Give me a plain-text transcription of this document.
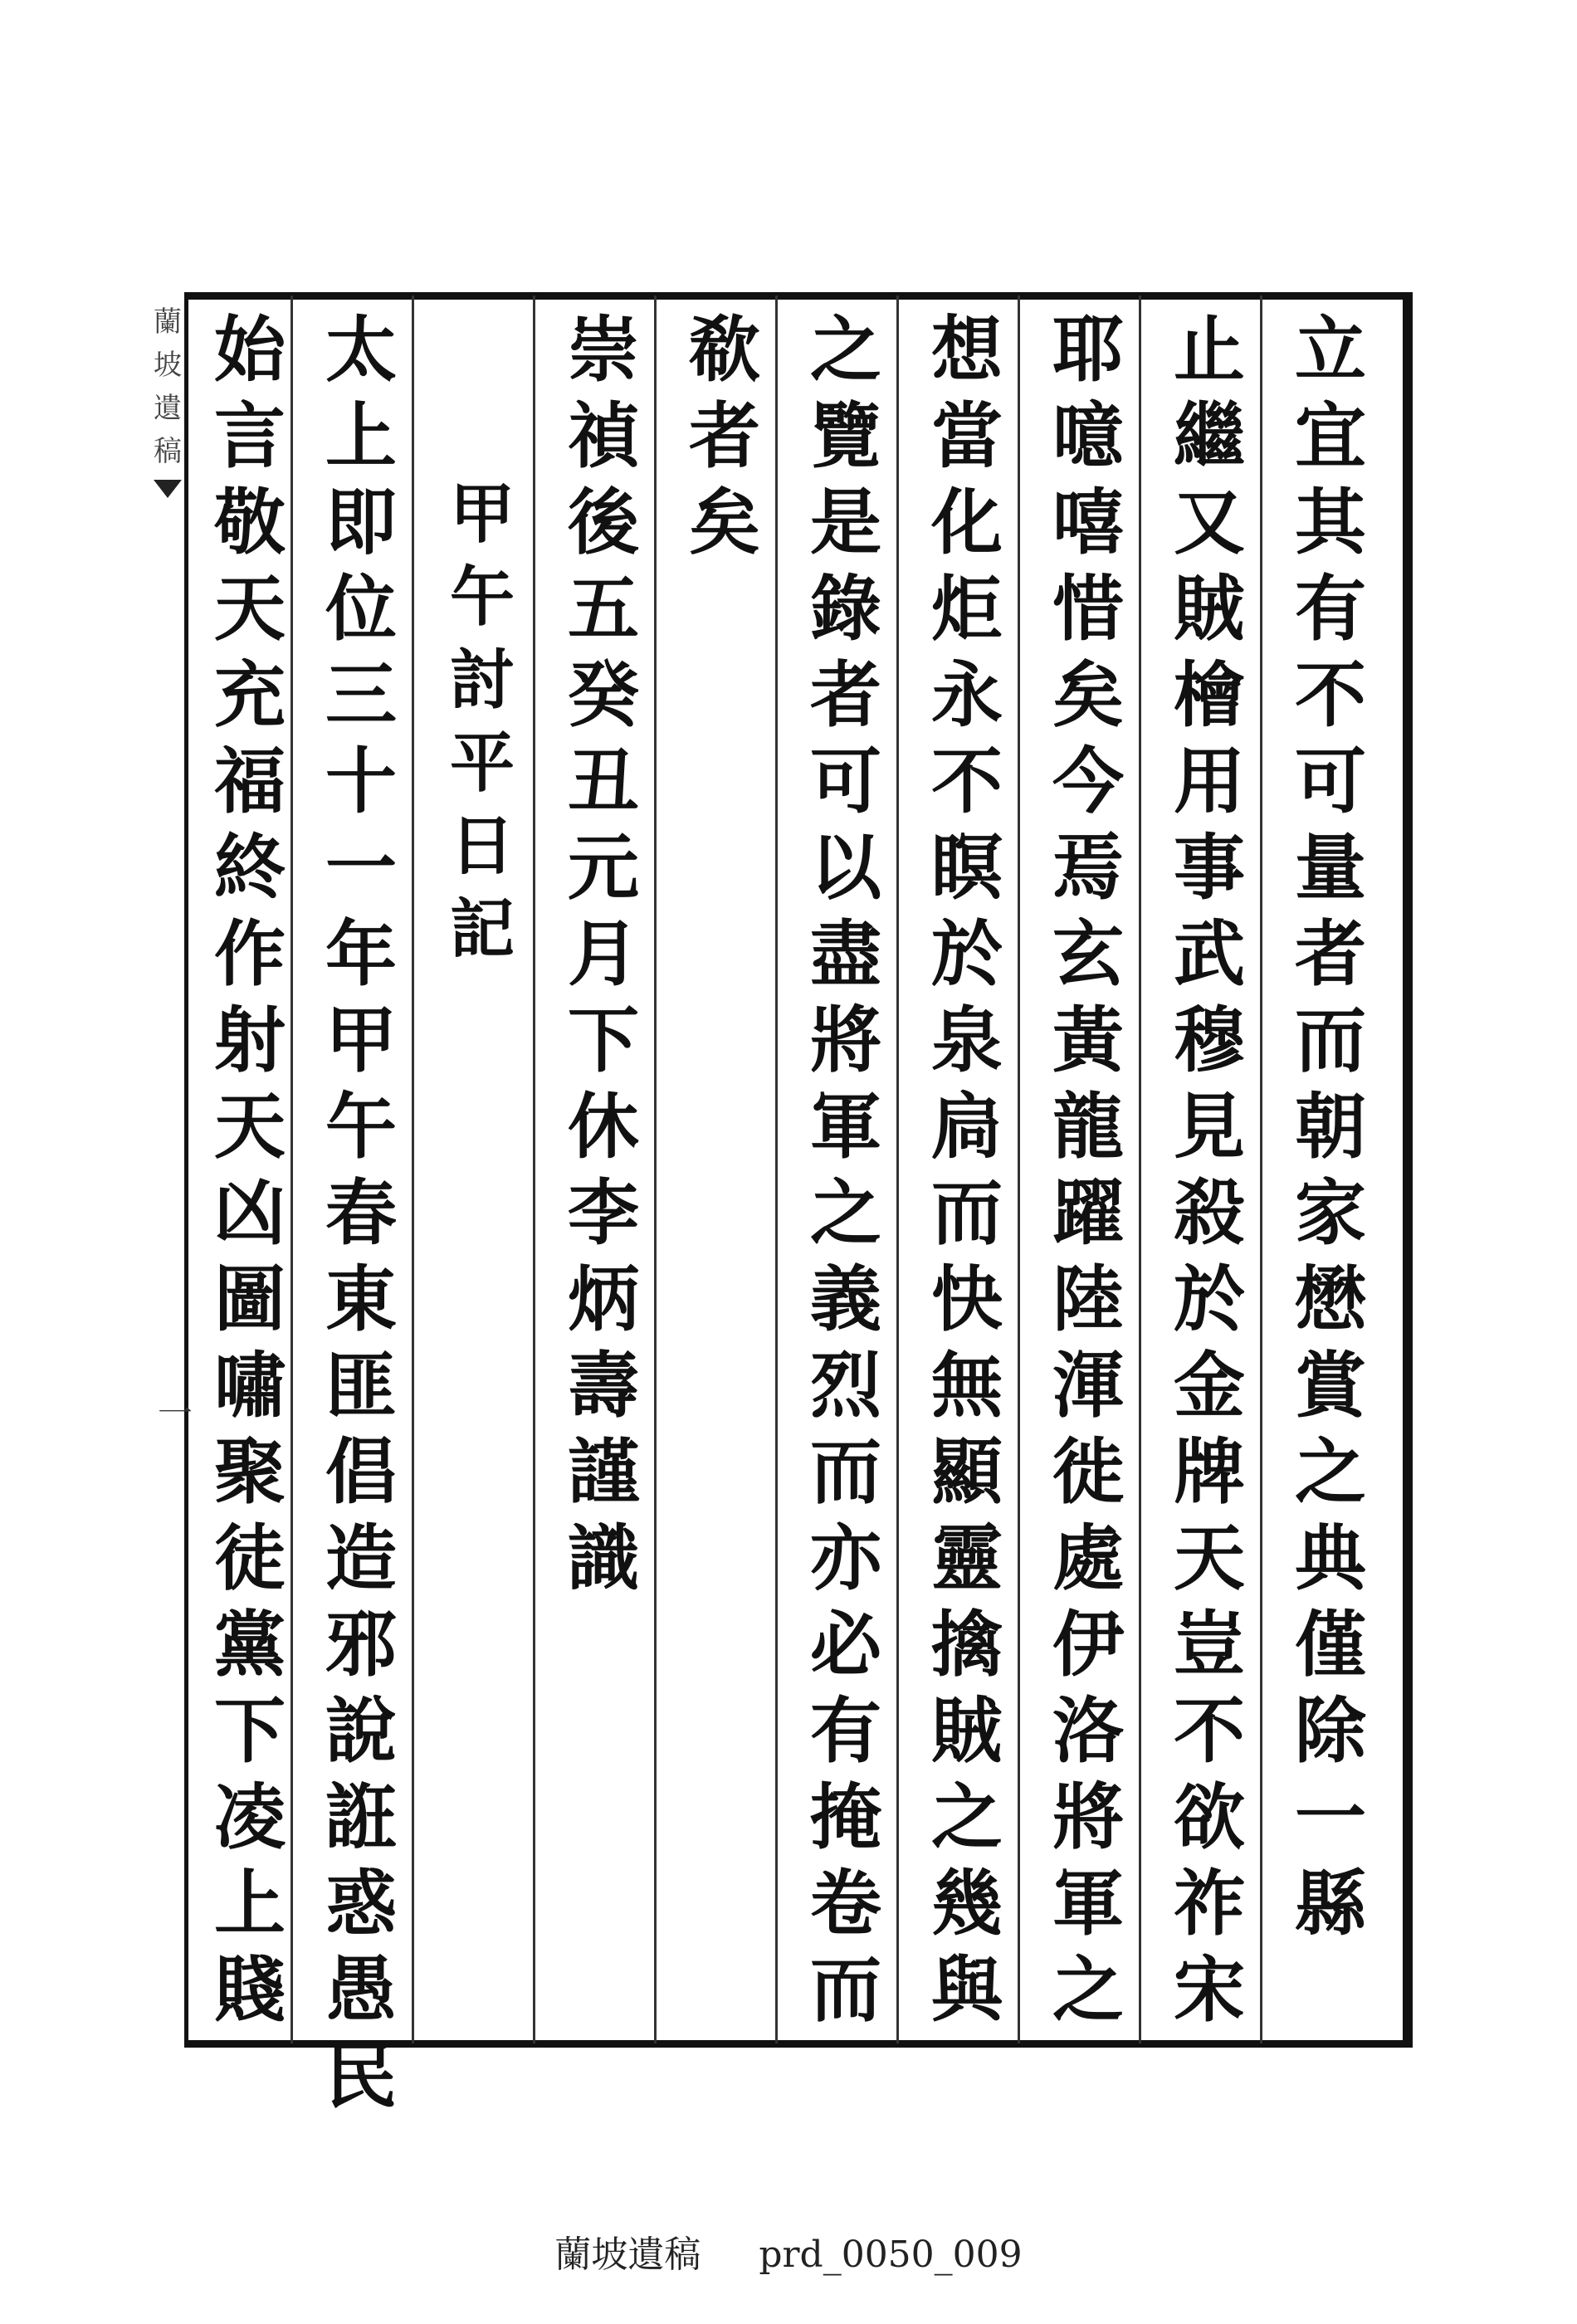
立
宜
其
有
不
可
量
者
而
朝
家
懋
賞
之
典
僅
除
一
縣
止
繼
又
賊
檜
用
事
武
穆
見
殺
於
金
牌
天
豈
不
欲
祚
宋
耶
噫
嘻
惜
矣
今
焉
玄
黃
龍
躍
陸
渾
徙
處
伊
洛
將
軍
之
想
當
化
炬
永
不
瞑
於
泉
扃
而
快
無
顯
靈
擒
賊
之
幾
與
之
覽
是
錄
者
可
以
盡
將
軍
之
義
烈
而
亦
必
有
掩
卷
而
欷
者
矣
崇
禎
後
五
癸
丑
元
月
下
休
李
炳
壽
謹
識
甲
午
討
平
日
記
太
上
即
位
三
十
一
年
甲
午
春
東
匪
倡
造
邪
說
誑
惑
愚
民
始
言
敬
天
充
福
終
作
射
天
凶
圖
嘯
聚
徒
黨
下
凌
上
賤
蘭
坡
遺
稿
一
蘭坡遺稿 prd_0050_009
